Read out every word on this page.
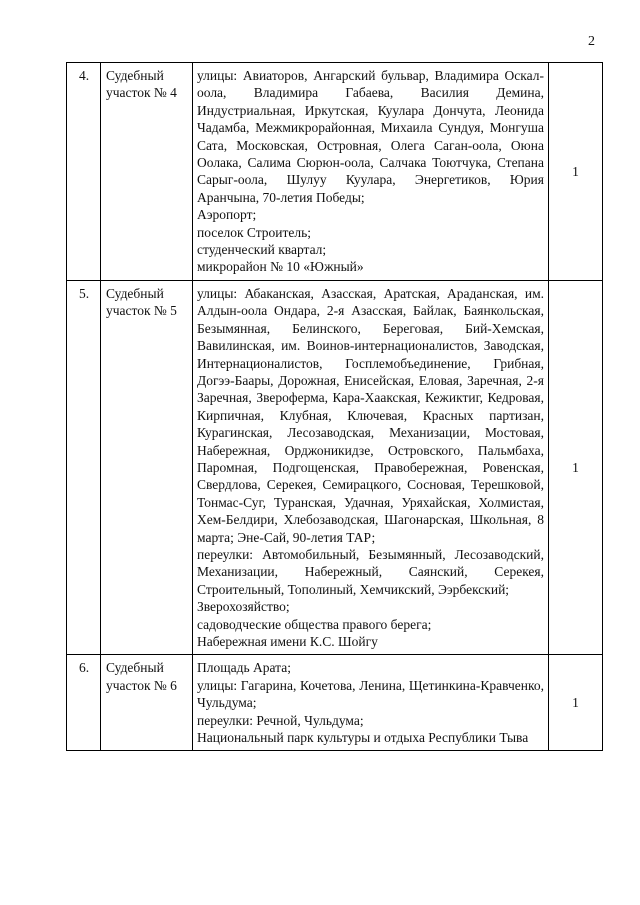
2
4.	Судебный участок № 4	улицы: Авиаторов, Ангарский бульвар, Владимира Оскал-оола, Владимира Габаева, Василия Демина, Индустриальная, Иркутская, Куулара Дончута, Леонида Чадамба, Межмикрорайонная, Михаила Сундуя, Монгуша Сата, Московская, Островная, Олега Саган-оола, Оюна Оолака, Салима Сюрюн-оола, Салчака Тоютчука, Степана Сарыг-оола, Шулуу Куулара, Энергетиков, Юрия Аранчына, 70-летия Победы;
Аэропорт;
поселок Строитель;
студенческий квартал;
микрорайон № 10 «Южный»	1
5.	Судебный участок № 5	улицы: Абаканская, Азасская, Аратская, Араданская, им. Алдын-оола Ондара, 2-я Азасская, Байлак, Баянкольская, Безымянная, Белинского, Береговая, Бий-Хемская, Вавилинская, им. Воинов-интернационалистов, Заводская, Интернационалистов, Госплемобъединение, Грибная, Догээ-Баары, Дорожная, Енисейская, Еловая, Заречная, 2-я Заречная, Звероферма, Кара-Хаакская, Кежиктиг, Кедровая, Кирпичная, Клубная, Ключевая, Красных партизан, Курагинская, Лесозаводская, Механизации, Мостовая, Набережная, Орджоникидзе, Островского, Пальмбаха, Паромная, Подгощенская, Правобережная, Ровенская, Свердлова, Серекея, Семирацкого, Сосновая, Терешковой, Тонмас-Суг, Туранская, Удачная, Уряхайская, Холмистая, Хем-Белдири, Хлебозаводская, Шагонарская, Школьная, 8 марта; Эне-Сай, 90-летия ТАР;
переулки: Автомобильный, Безымянный, Лесозаводский, Механизации, Набережный, Саянский, Серекея, Строительный, Тополиный, Хемчикский, Ээрбекский;
Зверохозяйство;
садоводческие общества правого берега;
Набережная имени К.С. Шойгу	1
6.	Судебный участок № 6	Площадь Арата;
улицы: Гагарина, Кочетова, Ленина, Щетинкина-Кравченко, Чульдума;
переулки: Речной, Чульдума;
Национальный парк культуры и отдыха Республики Тыва	1
